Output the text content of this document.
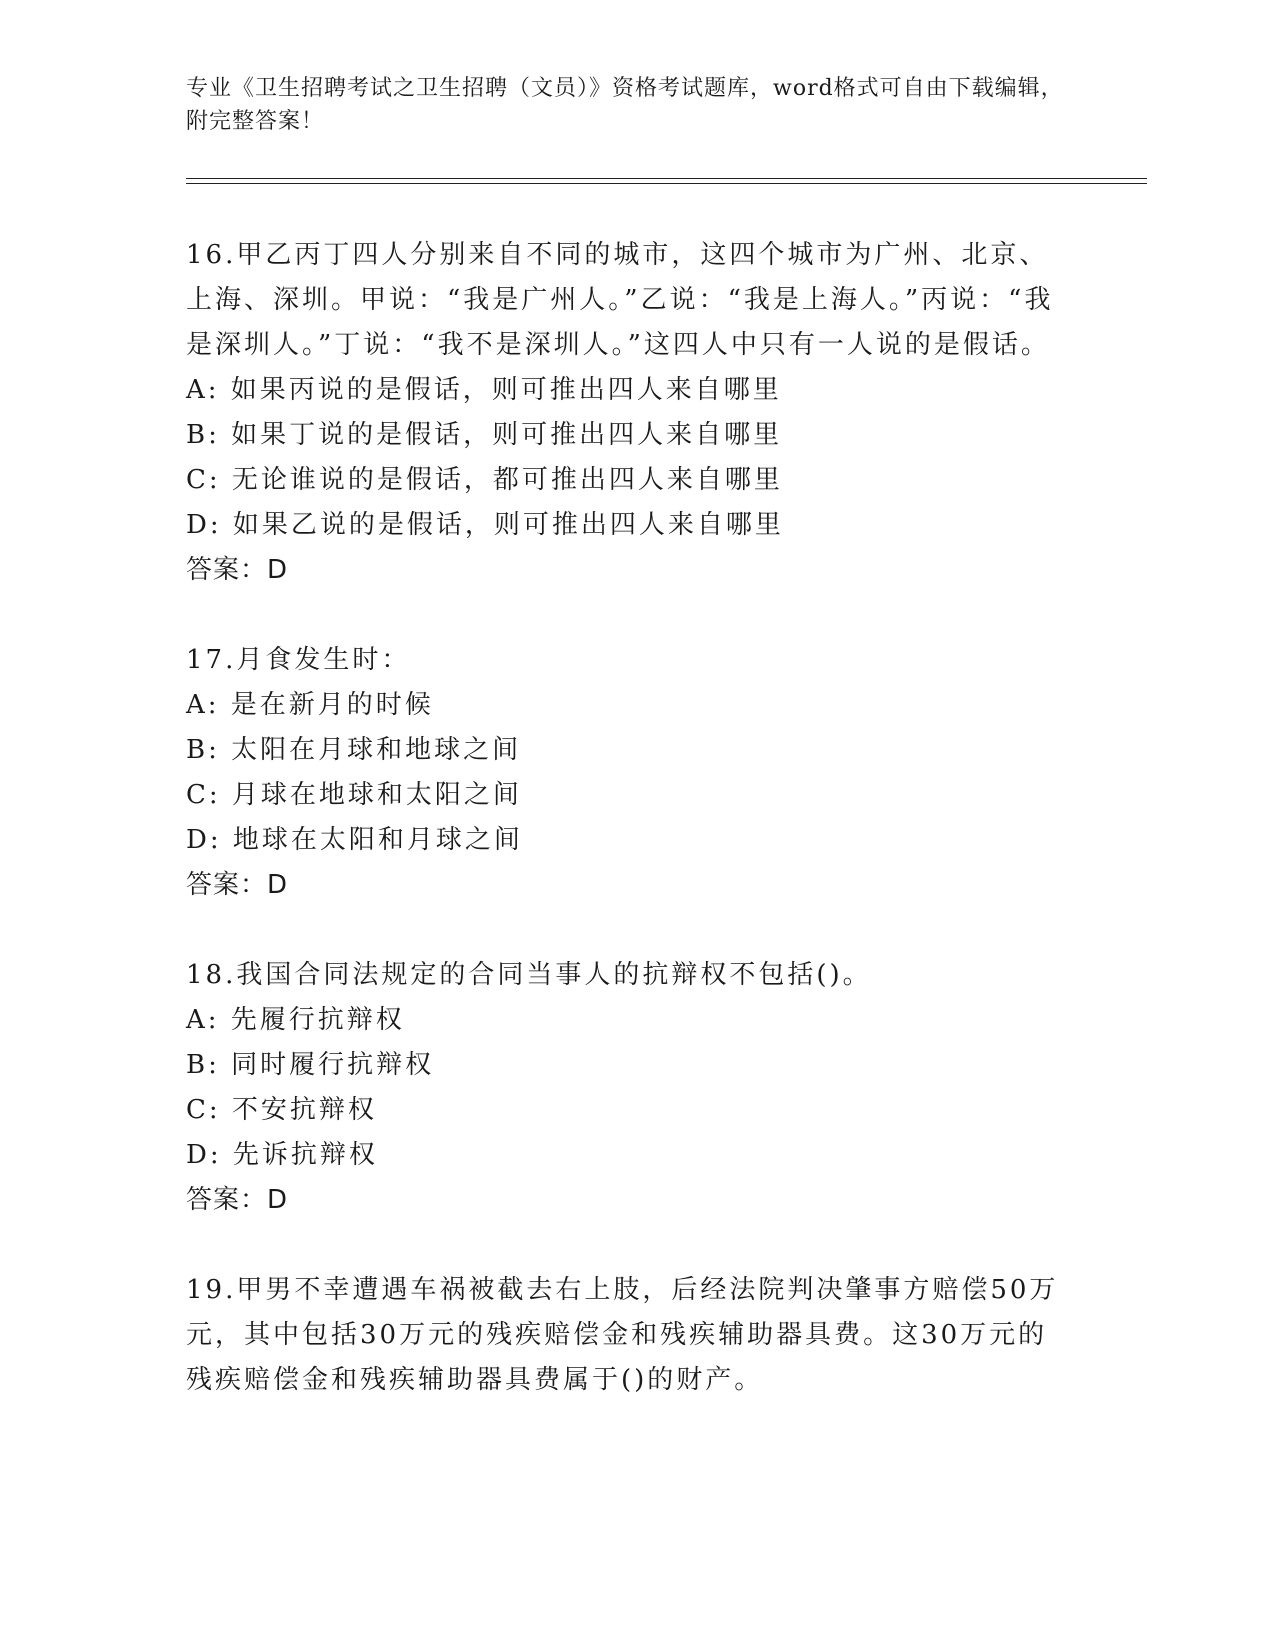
专业《卫生招聘考试之卫生招聘（文员）》资格考试题库，word格式可自由下载编辑，附完整答案！

16.甲乙丙丁四人分别来自不同的城市，这四个城市为广州、北京、上海、深圳。甲说：“我是广州人。”乙说：“我是上海人。”丙说：“我是深圳人。”丁说：“我不是深圳人。”这四人中只有一人说的是假话。

A: 如果丙说的是假话，则可推出四人来自哪里

B: 如果丁说的是假话，则可推出四人来自哪里

C: 无论谁说的是假话，都可推出四人来自哪里

D: 如果乙说的是假话，则可推出四人来自哪里

答案：D

17.月食发生时：

A: 是在新月的时候

B: 太阳在月球和地球之间

C: 月球在地球和太阳之间

D: 地球在太阳和月球之间

答案：D

18.我国合同法规定的合同当事人的抗辩权不包括()。

A: 先履行抗辩权

B: 同时履行抗辩权

C: 不安抗辩权

D: 先诉抗辩权

答案：D

19.甲男不幸遭遇车祸被截去右上肢，后经法院判决肇事方赔偿50万元，其中包括30万元的残疾赔偿金和残疾辅助器具费。这30万元的残疾赔偿金和残疾辅助器具费属于()的财产。
